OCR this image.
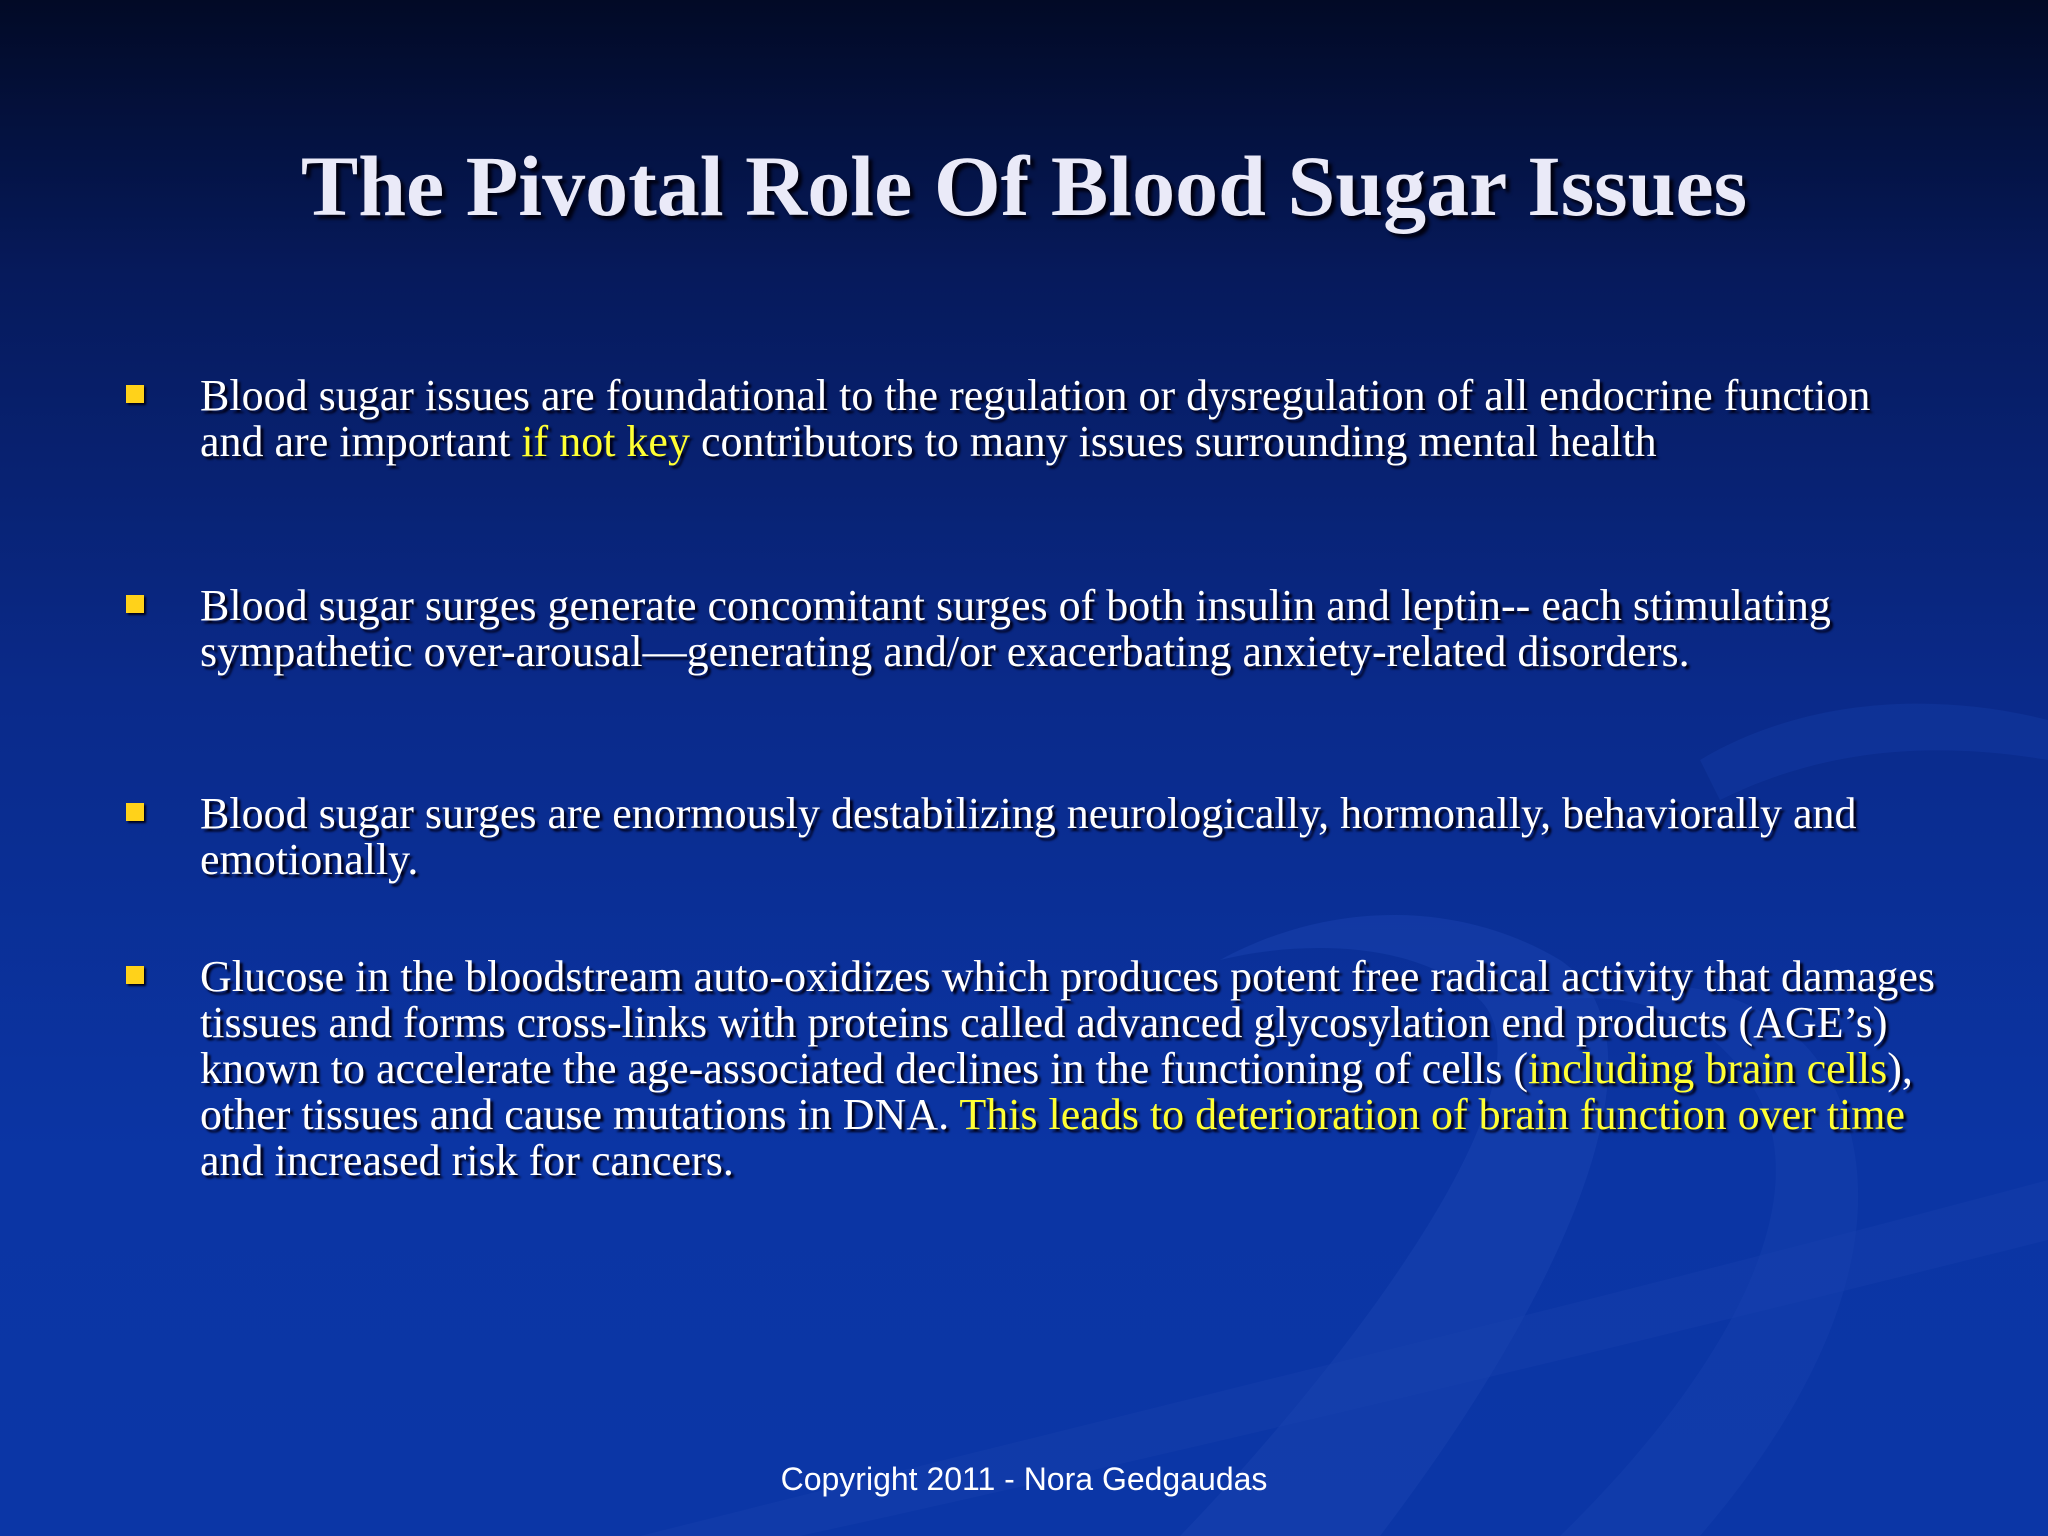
The Pivotal Role Of Blood Sugar Issues
Blood sugar issues are foundational to the regulation or dysregulation of all endocrine function and are important if not key contributors to many issues surrounding mental health
Blood sugar surges generate concomitant surges of both insulin and leptin-- each stimulating sympathetic over-arousal—generating and/or exacerbating anxiety-related disorders.
Blood sugar surges are enormously destabilizing neurologically, hormonally, behaviorally and emotionally.
Glucose in the bloodstream auto-oxidizes which produces potent free radical activity that damages tissues and forms cross-links with proteins called advanced glycosylation end products (AGE’s) known to accelerate the age-associated declines in the functioning of cells (including brain cells), other tissues and cause mutations in DNA. This leads to deterioration of brain function over time and increased risk for cancers.
Copyright 2011 - Nora Gedgaudas
